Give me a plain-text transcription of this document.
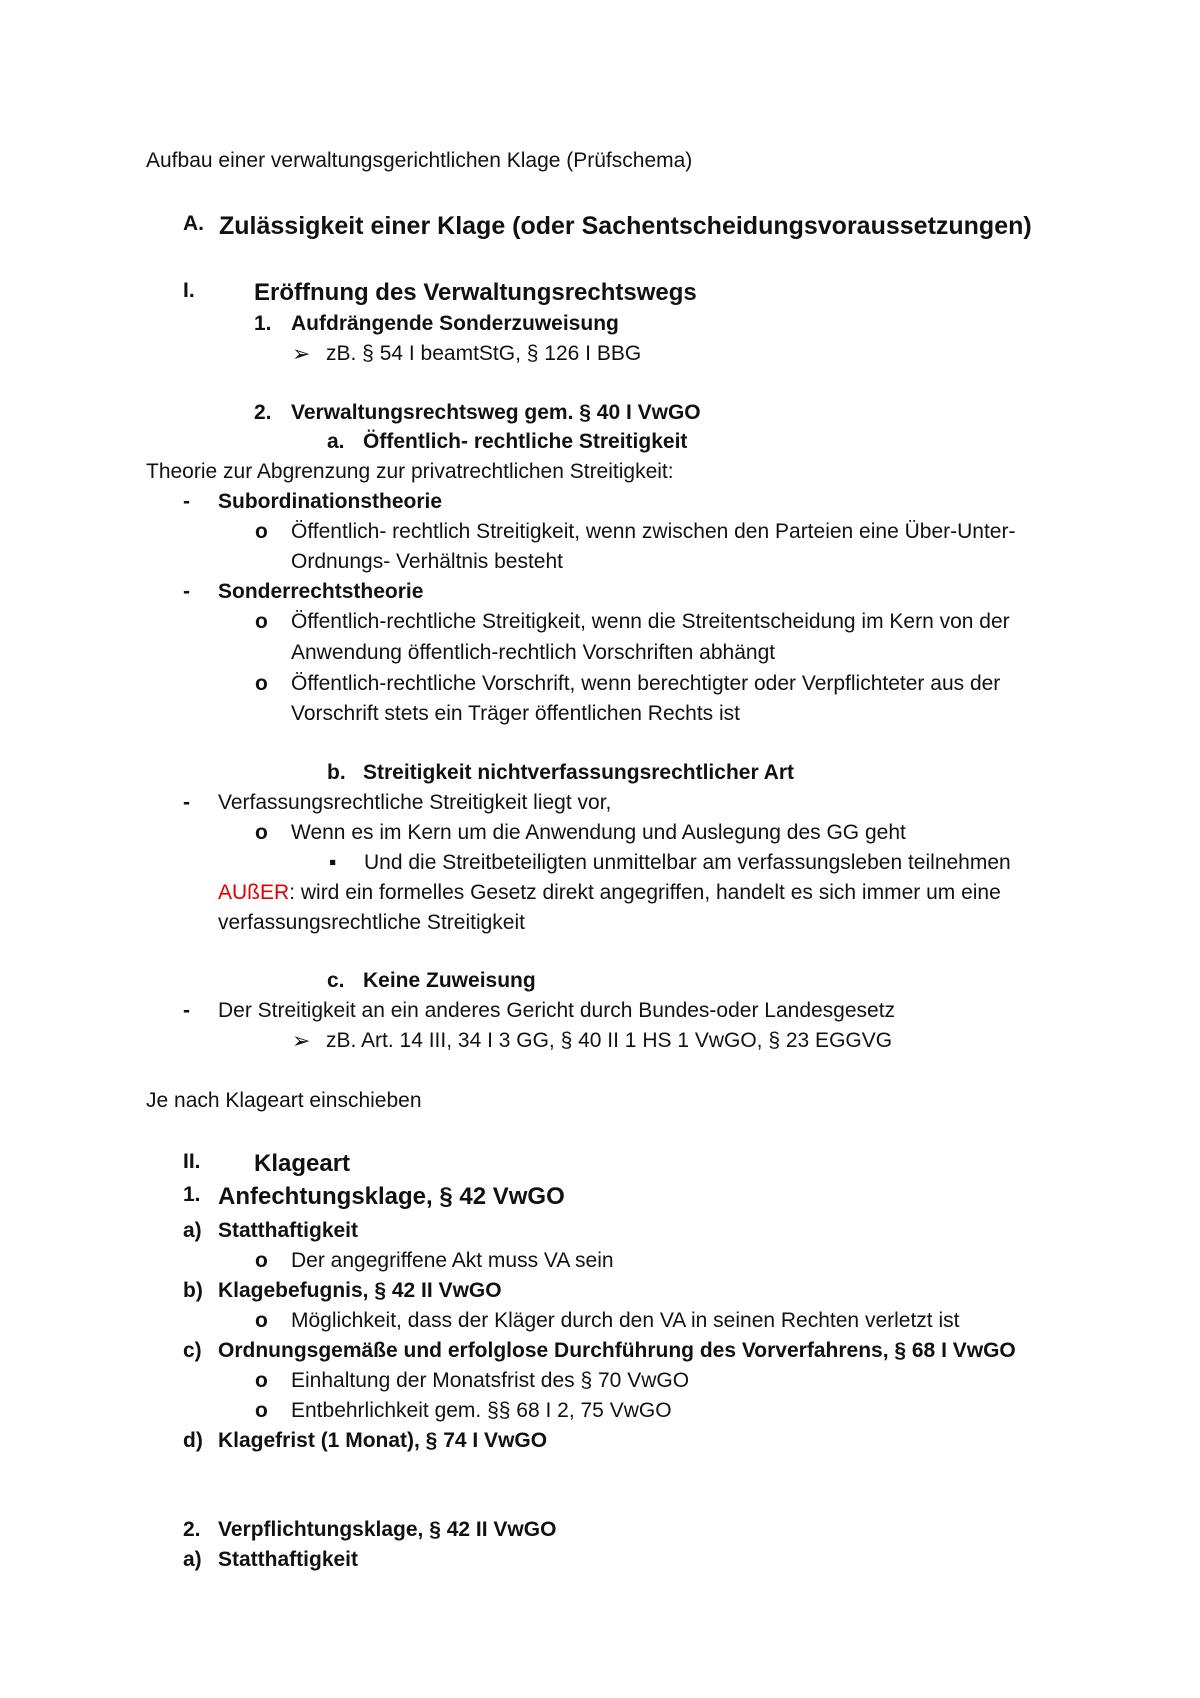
Aufbau einer verwaltungsgerichtlichen Klage (Prüfschema)
A. Zulässigkeit einer Klage (oder Sachentscheidungsvoraussetzungen)
I. Eröffnung des Verwaltungsrechtswegs
1. Aufdrängende Sonderzuweisung
➢ zB. § 54 I beamtStG, § 126 I BBG
2. Verwaltungsrechtsweg gem. § 40 I VwGO
a. Öffentlich- rechtliche Streitigkeit
Theorie zur Abgrenzung zur privatrechtlichen Streitigkeit:
- Subordinationstheorie
o Öffentlich- rechtlich Streitigkeit, wenn zwischen den Parteien eine Über-Unter-
Ordnungs- Verhältnis besteht
- Sonderrechtstheorie
o Öffentlich-rechtliche Streitigkeit, wenn die Streitentscheidung im Kern von der
Anwendung öffentlich-rechtlich Vorschriften abhängt
o Öffentlich-rechtliche Vorschrift, wenn berechtigter oder Verpflichteter aus der
Vorschrift stets ein Träger öffentlichen Rechts ist
b. Streitigkeit nichtverfassungsrechtlicher Art
- Verfassungsrechtliche Streitigkeit liegt vor,
o Wenn es im Kern um die Anwendung und Auslegung des GG geht
▪ Und die Streitbeteiligten unmittelbar am verfassungsleben teilnehmen
AUßER: wird ein formelles Gesetz direkt angegriffen, handelt es sich immer um eine
verfassungsrechtliche Streitigkeit
c. Keine Zuweisung
- Der Streitigkeit an ein anderes Gericht durch Bundes-oder Landesgesetz
➢ zB. Art. 14 III, 34 I 3 GG, § 40 II 1 HS 1 VwGO, § 23 EGGVG
Je nach Klageart einschieben
II. Klageart
1. Anfechtungsklage, § 42 VwGO
a) Statthaftigkeit
o Der angegriffene Akt muss VA sein
b) Klagebefugnis, § 42 II VwGO
o Möglichkeit, dass der Kläger durch den VA in seinen Rechten verletzt ist
c) Ordnungsgemäße und erfolglose Durchführung des Vorverfahrens, § 68 I VwGO
o Einhaltung der Monatsfrist des § 70 VwGO
o Entbehrlichkeit gem. §§ 68 I 2, 75 VwGO
d) Klagefrist (1 Monat), § 74 I VwGO
2. Verpflichtungsklage, § 42 II VwGO
a) Statthaftigkeit
